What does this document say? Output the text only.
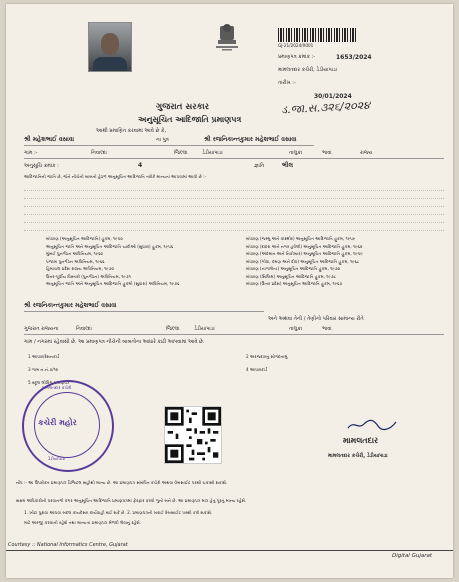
GJ-21/2024/0001
પ્રમાણપત્ર ક્રમાંક :-	1653/2024
મામલતદાર કચેરી, ડેડીયાપાડા
તારીખ :-
30/01/2024
ડ.જા.સ.૩૨૬/૨૦૨૪
ગુજરાત સરકાર
અનુસૂચિત આદિજાતિ પ્રમાણપત્ર
આથી પ્રમાણિત કરવામાં આવે છે કે,
શ્રી મહેશભાઈ વસાવા	ના પુત્ર	શ્રી રજનિકાન્તકુમાર મહેશભાઈ વસાવા
ગામ :-	નિવાલ્દા	જિલ્લા	ડેડીયાપાડા	તાલુકા	ભાવા	રાજ્ય
અનુસૂચિ ક્રમાંક :	4	જ્ઞાતિ	ભીલ
આદિજાતિની જાતિ છે, જેને નીચેની બાબતો હેઠળ અનુસૂચિત આદિજાતિ તરીકે માન્યતા આપવામાં આવી છે :-
બંધારણ (અનુસૂચિત આદિજાતિ) હુકમ, ૧૯૫૦
અનુસૂચિત જાતિ અને અનુસૂચિત આદિજાતિ યાદીઓ (સુધારા) હુકમ, ૧૯૫૬
મુંબઈ પુનર્ગઠન અધિનિયમ, ૧૯૬૦
પંજાબ પુનર્ગઠન અધિનિયમ, ૧૯૬૬
હિમાચલ પ્રદેશ રાજ્ય અધિનિયમ, ૧૯૭૦
ઉત્તર-પૂર્વીય વિસ્તારો (પુનર્ગઠન) અધિનિયમ, ૧૯૭૧
અનુસૂચિત જાતિ અને અનુસૂચિત આદિજાતિ હુકમો (સુધારા) અધિનિયમ, ૧૯૭૬
બંધારણ (જમ્મુ અને કાશ્મીર) અનુસૂચિત આદિજાતિ હુકમ, ૧૯૫૯
બંધારણ (દાદરા અને નગર હવેલી) અનુસૂચિત આદિજાતિ હુકમ, ૧૯૬૨
બંધારણ (અંદમાન અને નિકોબાર) અનુસૂચિત આદિજાતિ હુકમ, ૧૯૫૯
બંધારણ (ગોવા, દમણ અને દીવ) અનુસૂચિત આદિજાતિ હુકમ, ૧૯૬૮
બંધારણ (નાગાલેન્ડ) અનુસૂચિત આદિજાતિ હુકમ, ૧૯૭૦
બંધારણ (સિક્કિમ) અનુસૂચિત આદિજાતિ હુકમ, ૧૯૭૮
બંધારણ (ઉત્તર પ્રદેશ) અનુસૂચિત આદિજાતિ હુકમ, ૧૯૬૭
શ્રી રજનિકાન્તકુમાર મહેશભાઈ વસાવા
અને અથવા તેની / તેણીનો પરિવાર સામાન્ય રીતે
ગુજરાત રાજ્યના	નિવાલ્દા	જિલ્લા	ડેડીયાપાડા	તાલુકા	ભાવા
ગામ / નગરમાં રહેવાસી છે. આ પ્રમાણપત્ર નીચેની બાબતોના આધારે કાઢી આપવામાં આવે છે.
1 આધાર/રેશનકાર્ડ	2 અરજદારનું સોગંદનામું
3 ગામ ન.નં.૭/૧૨	4 આધારકાર્ડ
5 સ્કૂલ લીવિંગ પ્રમાણપત્ર
મામલતદાર કચેરી
કચેરી મહોર
ડેડીયાપાડા
મામલતદાર
મામલતદાર કચેરી, ડેડીયાપાડા
નોંધ :- આ ઉપરોક્ત પ્રમાણપત્ર ડિજિટલ સહીથી માન્ય છે. આ પ્રમાણપત્ર સંબંધિત કચેરી અથવા વેબસાઈટ પરથી ચકાસી શકાશે.
સક્ષમ અધિકારીની પરવાનગી વગર અનુસૂચિત આદિજાતિ પ્રમાણપત્રમાં ફેરફાર કરવો ગુનો બને છે. આ પ્રમાણપત્ર માત્ર હેતુ પૂરતું માન્ય રહેશે.
1. ખોટા પુરાવા આપવા બદલ કાયદેસર કાર્યવાહી થઈ શકે છે. 2. પ્રમાણપત્રની ખરાઈ વેબસાઈટ પરથી કરી શકાશે.
માટે અરજી કરવાની રહેશે તથા માન્યતા પ્રમાણપત્ર મેળવી લેવાનું રહેશે.
Courtesy :: National Informatics Centre, Gujarat
Digital Gujarat
